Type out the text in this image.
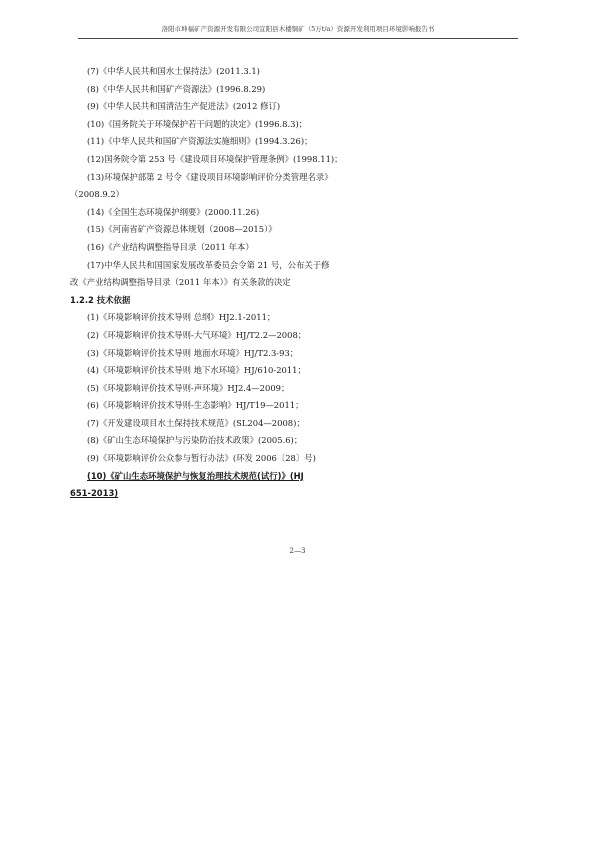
洛阳市坤福矿产资源开发有限公司宜阳县木楼铜矿（5万t/a）资源开发利用项目环境影响报告书
(7)《中华人民共和国水土保持法》(2011.3.1)
(8)《中华人民共和国矿产资源法》(1996.8.29)
(9)《中华人民共和国清洁生产促进法》(2012 修订)
(10)《国务院关于环境保护若干问题的决定》(1996.8.3)；
(11)《中华人民共和国矿产资源法实施细则》(1994.3.26)；
(12)国务院令第 253 号《建设项目环境保护管理条例》(1998.11)；
(13)环境保护部第 2 号令《建设项目环境影响评价分类管理名录》
（2008.9.2）
(14)《全国生态环境保护纲要》(2000.11.26)
(15)《河南省矿产资源总体规划（2008—2015）》
(16)《产业结构调整指导目录（2011 年本）
(17)中华人民共和国国家发展改革委员会令第 21 号，公布关于修
改《产业结构调整指导目录（2011 年本）》有关条款的决定
1.2.2 技术依据
(1)《环境影响评价技术导则 总纲》HJ2.1-2011；
(2)《环境影响评价技术导则-大气环境》HJ/T2.2—2008；
(3)《环境影响评价技术导则 地面水环境》HJ/T2.3-93；
(4)《环境影响评价技术导则 地下水环境》HJ/610-2011；
(5)《环境影响评价技术导则-声环境》HJ2.4—2009；
(6)《环境影响评价技术导则-生态影响》HJ/T19—2011；
(7)《开发建设项目水土保持技术规范》(SL204—2008)；
(8)《矿山生态环境保护与污染防治技术政策》(2005.6)；
(9)《环境影响评价公众参与暂行办法》(环发 2006〔28〕号)
(10)《矿山生态环境保护与恢复治理技术规范(试行)》(HJ
651-2013)
2—3
